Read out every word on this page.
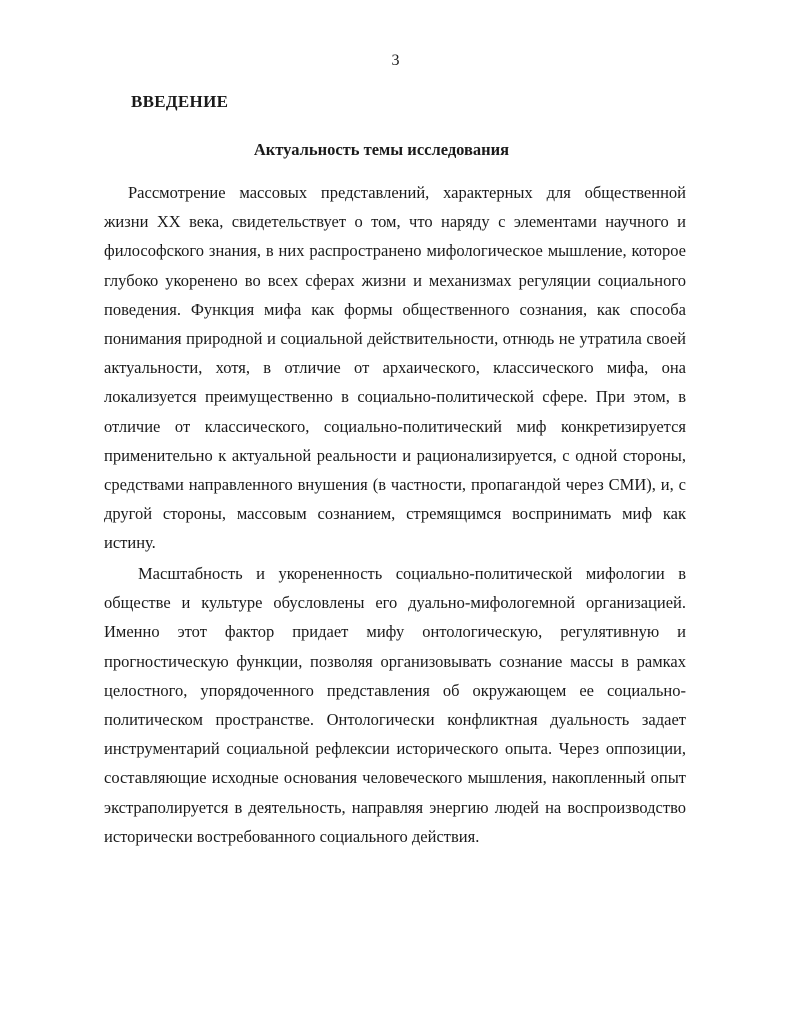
3
ВВЕДЕНИЕ
Актуальность темы исследования

Рассмотрение массовых представлений, характерных для общественной жизни XX века, свидетельствует о том, что наряду с элементами научного и философского знания, в них распространено мифологическое мышление, которое глубоко укоренено во всех сферах жизни и механизмах регуляции социального поведения. Функция мифа как формы общественного сознания, как способа понимания природной и социальной действительности, отнюдь не утратила своей актуальности, хотя, в отличие от архаического, классического мифа, она локализуется преимущественно в социально-политической сфере. При этом, в отличие от классического, социально-политический миф конкретизируется применительно к актуальной реальности и рационализируется, с одной стороны, средствами направленного внушения (в частности, пропагандой через СМИ), и, с другой стороны, массовым сознанием, стремящимся воспринимать миф как истину.

Масштабность и укорененность социально-политической мифологии в обществе и культуре обусловлены его дуально-мифологемной организацией. Именно этот фактор придает мифу онтологическую, регулятивную и прогностическую функции, позволяя организовывать сознание массы в рамках целостного, упорядоченного представления об окружающем ее социально-политическом пространстве. Онтологически конфликтная дуальность задает инструментарий социальной рефлексии исторического опыта. Через оппозиции, составляющие исходные основания человеческого мышления, накопленный опыт экстраполируется в деятельность, направляя энергию людей на воспроизводство исторически востребованного социального действия.
